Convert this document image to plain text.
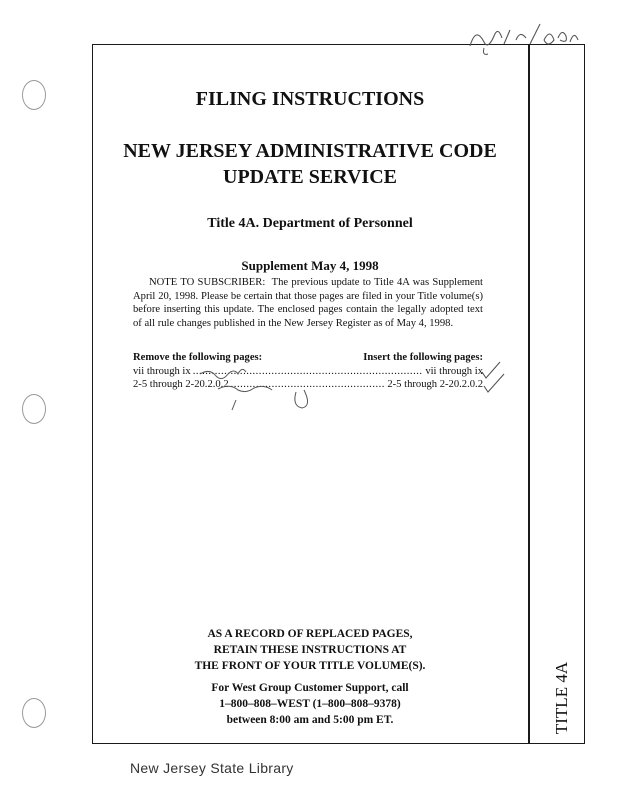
FILING INSTRUCTIONS

NEW JERSEY ADMINISTRATIVE CODE
UPDATE SERVICE

Title 4A. Department of Personnel

Supplement May 4, 1998

NOTE TO SUBSCRIBER: The previous update to Title 4A was Supplement April 20, 1998. Please be certain that those pages are filed in your Title volume(s) before inserting this update. The enclosed pages contain the legally adopted text of all rule changes published in the New Jersey Register as of May 4, 1998.

Remove the following pages:	Insert the following pages:
vii through ix .....	vii through ix
2-5 through 2-20.2.0.2 .....	2-5 through 2-20.2.0.2
AS A RECORD OF REPLACED PAGES,
RETAIN THESE INSTRUCTIONS AT
THE FRONT OF YOUR TITLE VOLUME(S).
For West Group Customer Support, call
1–800–808–WEST (1–800–808–9378)
between 8:00 am and 5:00 pm ET.	TITLE 4A
New Jersey State Library
